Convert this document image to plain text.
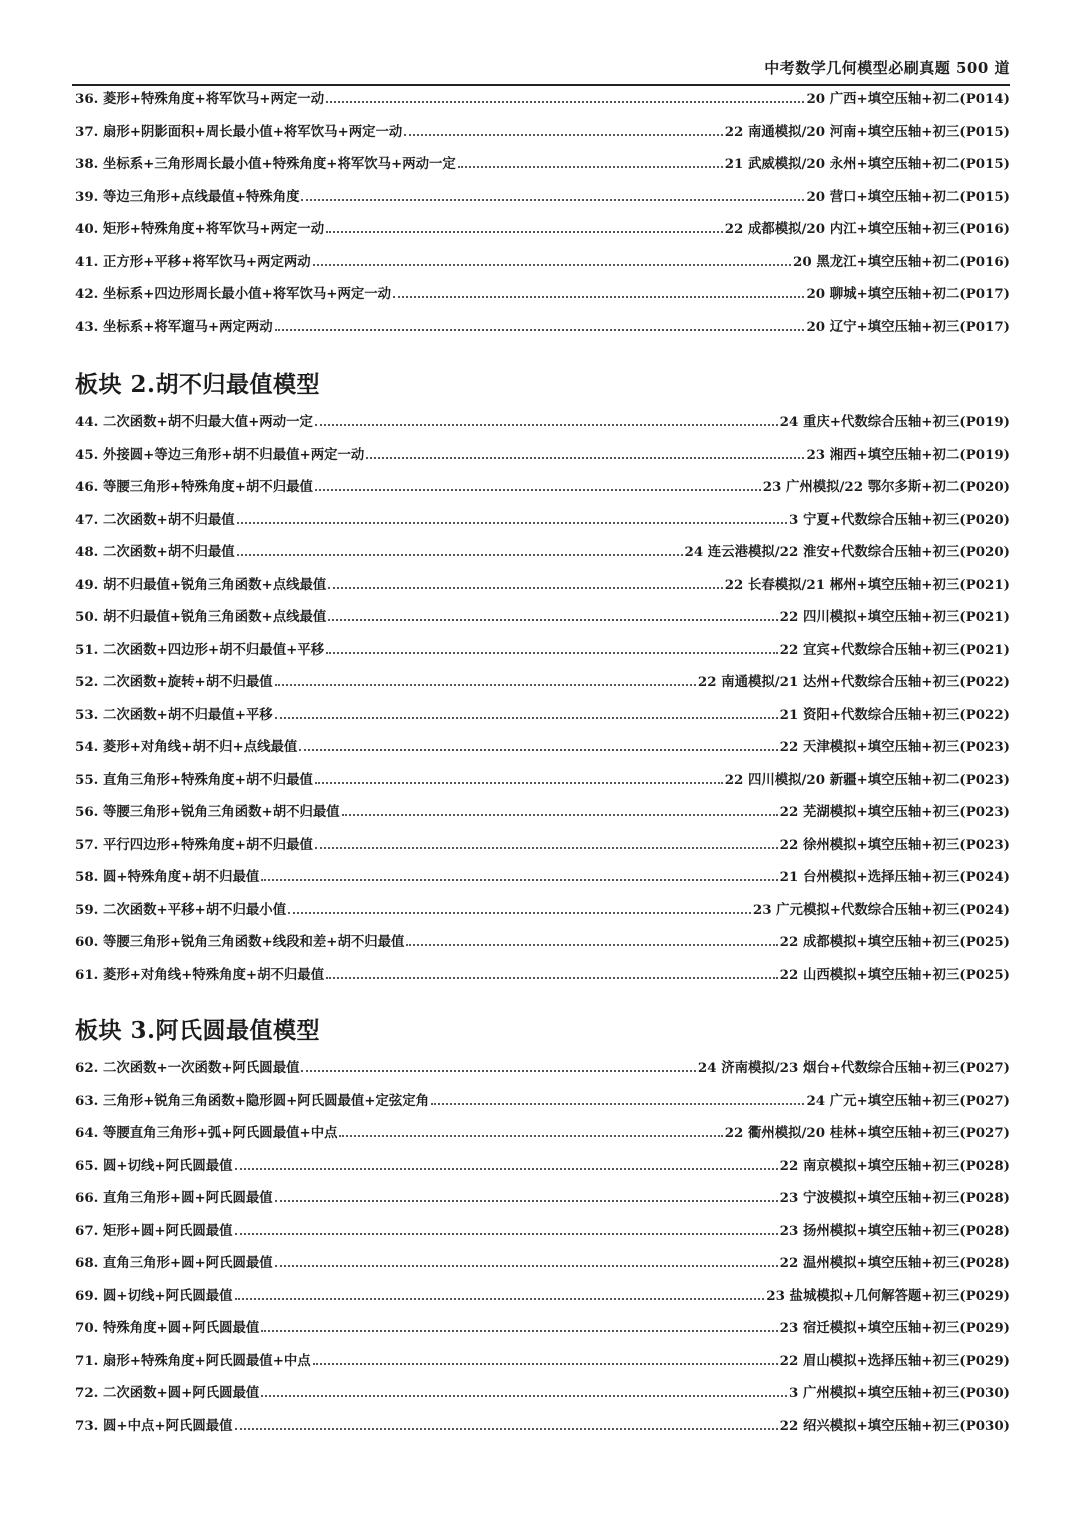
中考数学几何模型必刷真题 500 道
36. 菱形+特殊角度+将军饮马+两定一动	20 广西+填空压轴+初二(P014)
37. 扇形+阴影面积+周长最小值+将军饮马+两定一动	22 南通模拟/20 河南+填空压轴+初三(P015)
38. 坐标系+三角形周长最小值+特殊角度+将军饮马+两动一定	21 武威模拟/20 永州+填空压轴+初二(P015)
39. 等边三角形+点线最值+特殊角度	20 营口+填空压轴+初二(P015)
40. 矩形+特殊角度+将军饮马+两定一动	22 成都模拟/20 内江+填空压轴+初三(P016)
41. 正方形+平移+将军饮马+两定两动	20 黑龙江+填空压轴+初二(P016)
42. 坐标系+四边形周长最小值+将军饮马+两定一动	20 聊城+填空压轴+初二(P017)
43. 坐标系+将军遛马+两定两动	20 辽宁+填空压轴+初三(P017)
板块 2.胡不归最值模型
44. 二次函数+胡不归最大值+两动一定	24 重庆+代数综合压轴+初三(P019)
45. 外接圆+等边三角形+胡不归最值+两定一动	23 湘西+填空压轴+初二(P019)
46. 等腰三角形+特殊角度+胡不归最值	23 广州模拟/22 鄂尔多斯+初二(P020)
47. 二次函数+胡不归最值	3 宁夏+代数综合压轴+初三(P020)
48. 二次函数+胡不归最值	24 连云港模拟/22 淮安+代数综合压轴+初三(P020)
49. 胡不归最值+锐角三角函数+点线最值	22 长春模拟/21 郴州+填空压轴+初三(P021)
50. 胡不归最值+锐角三角函数+点线最值	22 四川模拟+填空压轴+初三(P021)
51. 二次函数+四边形+胡不归最值+平移	22 宜宾+代数综合压轴+初三(P021)
52. 二次函数+旋转+胡不归最值	22 南通模拟/21 达州+代数综合压轴+初三(P022)
53. 二次函数+胡不归最值+平移	21 资阳+代数综合压轴+初三(P022)
54. 菱形+对角线+胡不归+点线最值	22 天津模拟+填空压轴+初三(P023)
55. 直角三角形+特殊角度+胡不归最值	22 四川模拟/20 新疆+填空压轴+初二(P023)
56. 等腰三角形+锐角三角函数+胡不归最值	22 芜湖模拟+填空压轴+初三(P023)
57. 平行四边形+特殊角度+胡不归最值	22 徐州模拟+填空压轴+初三(P023)
58. 圆+特殊角度+胡不归最值	21 台州模拟+选择压轴+初三(P024)
59. 二次函数+平移+胡不归最小值	23 广元模拟+代数综合压轴+初三(P024)
60. 等腰三角形+锐角三角函数+线段和差+胡不归最值	22 成都模拟+填空压轴+初三(P025)
61. 菱形+对角线+特殊角度+胡不归最值	22 山西模拟+填空压轴+初三(P025)
板块 3.阿氏圆最值模型
62. 二次函数+一次函数+阿氏圆最值	24 济南模拟/23 烟台+代数综合压轴+初三(P027)
63. 三角形+锐角三角函数+隐形圆+阿氏圆最值+定弦定角	24 广元+填空压轴+初三(P027)
64. 等腰直角三角形+弧+阿氏圆最值+中点	22 衢州模拟/20 桂林+填空压轴+初三(P027)
65. 圆+切线+阿氏圆最值	22 南京模拟+填空压轴+初三(P028)
66. 直角三角形+圆+阿氏圆最值	23 宁波模拟+填空压轴+初三(P028)
67. 矩形+圆+阿氏圆最值	23 扬州模拟+填空压轴+初三(P028)
68. 直角三角形+圆+阿氏圆最值	22 温州模拟+填空压轴+初三(P028)
69. 圆+切线+阿氏圆最值	23 盐城模拟+几何解答题+初三(P029)
70. 特殊角度+圆+阿氏圆最值	23 宿迁模拟+填空压轴+初三(P029)
71. 扇形+特殊角度+阿氏圆最值+中点	22 眉山模拟+选择压轴+初三(P029)
72. 二次函数+圆+阿氏圆最值	3 广州模拟+填空压轴+初三(P030)
73. 圆+中点+阿氏圆最值	22 绍兴模拟+填空压轴+初三(P030)
